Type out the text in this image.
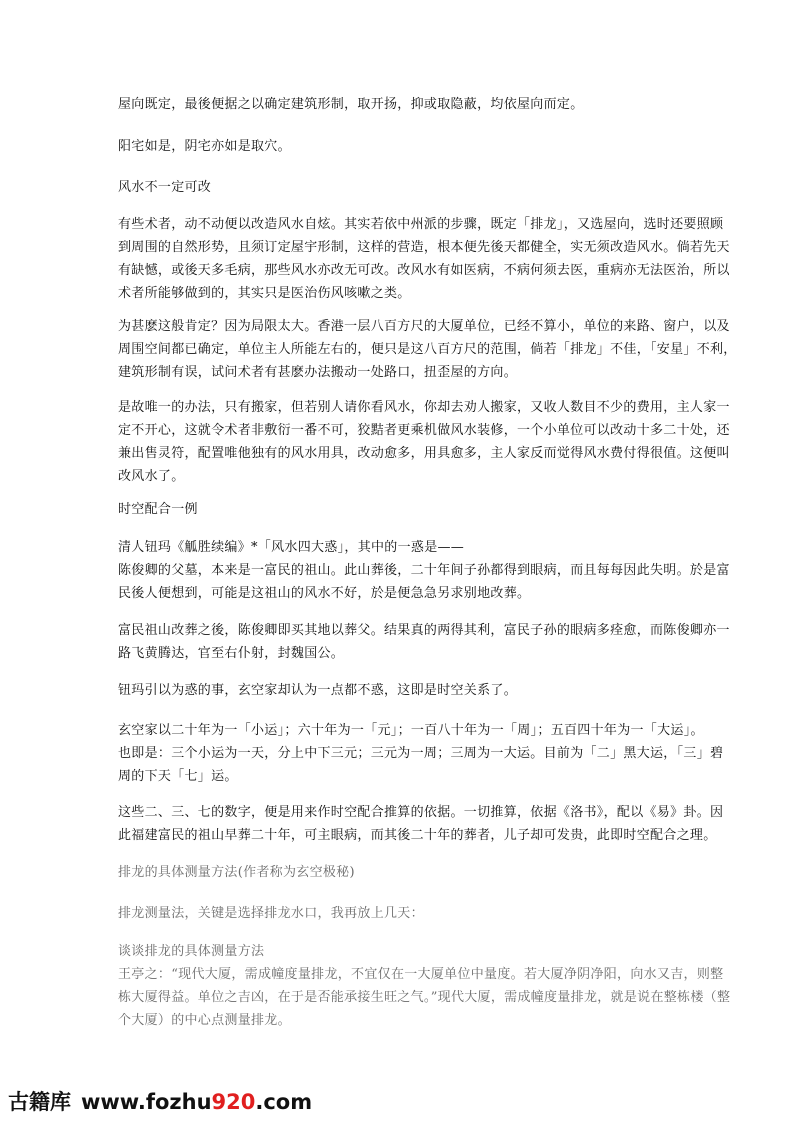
屋向既定，最後便据之以确定建筑形制，取开扬，抑或取隐蔽，均依屋向而定。
阳宅如是，阴宅亦如是取穴。
风水不一定可改
有些术者，动不动便以改造风水自炫。其实若依中州派的步骤，既定「排龙」，又选屋向，选时还要照顾
到周围的自然形势，且须订定屋宇形制，这样的营造，根本便先後天都健全，实无须改造风水。倘若先天
有缺憾，或後天多毛病，那些风水亦改无可改。改风水有如医病，不病何须去医，重病亦无法医治，所以
术者所能够做到的，其实只是医治伤风咳嗽之类。
为甚麽这般肯定？因为局限太大。香港一层八百方尺的大厦单位，已经不算小，单位的来路、窗户，以及
周围空间都已确定，单位主人所能左右的，便只是这八百方尺的范围，倘若「排龙」不佳，「安星」不利，
建筑形制有误，试问术者有甚麽办法搬动一处路口，扭歪屋的方向。
是故唯一的办法，只有搬家，但若别人请你看风水，你却去劝人搬家，又收人数目不少的费用，主人家一
定不开心，这就令术者非敷衍一番不可，狡黠者更乘机做风水装修，一个小单位可以改动十多二十处，还
兼出售灵符，配置唯他独有的风水用具，改动愈多，用具愈多，主人家反而觉得风水费付得很值。这便叫
改风水了。
时空配合一例
清人钮玛《觚胜续编》*「风水四大惑」，其中的一惑是——
陈俊卿的父墓，本来是一富民的祖山。此山葬後，二十年间子孙都得到眼病，而且每每因此失明。於是富
民後人便想到，可能是这祖山的风水不好，於是便急急另求别地改葬。
富民祖山改葬之後，陈俊卿即买其地以葬父。结果真的两得其利，富民子孙的眼病多痊愈，而陈俊卿亦一
路飞黄腾达，官至右仆射，封魏国公。
钮玛引以为惑的事，玄空家却认为一点都不惑，这即是时空关系了。
玄空家以二十年为一「小运」；六十年为一「元」；一百八十年为一「周」；五百四十年为一「大运」。
也即是：三个小运为一天，分上中下三元；三元为一周；三周为一大运。目前为「二」黑大运，「三」碧
周的下天「七」运。
这些二、三、七的数字，便是用来作时空配合推算的依据。一切推算，依据《洛书》，配以《易》卦。因
此福建富民的祖山早葬二十年，可主眼病，而其後二十年的葬者，儿子却可发贵，此即时空配合之理。
排龙的具体测量方法(作者称为玄空极秘)
排龙测量法，关键是选择排龙水口，我再放上几天：
谈谈排龙的具体测量方法
王亭之：“现代大厦，需成幢度量排龙，不宜仅在一大厦单位中量度。若大厦净阴净阳，向水又吉，则整
栋大厦得益。单位之吉凶，在于是否能承接生旺之气。”现代大厦，需成幢度量排龙，就是说在整栋楼（整
个大厦）的中心点测量排龙。
古籍库 www.fozhu920.com
